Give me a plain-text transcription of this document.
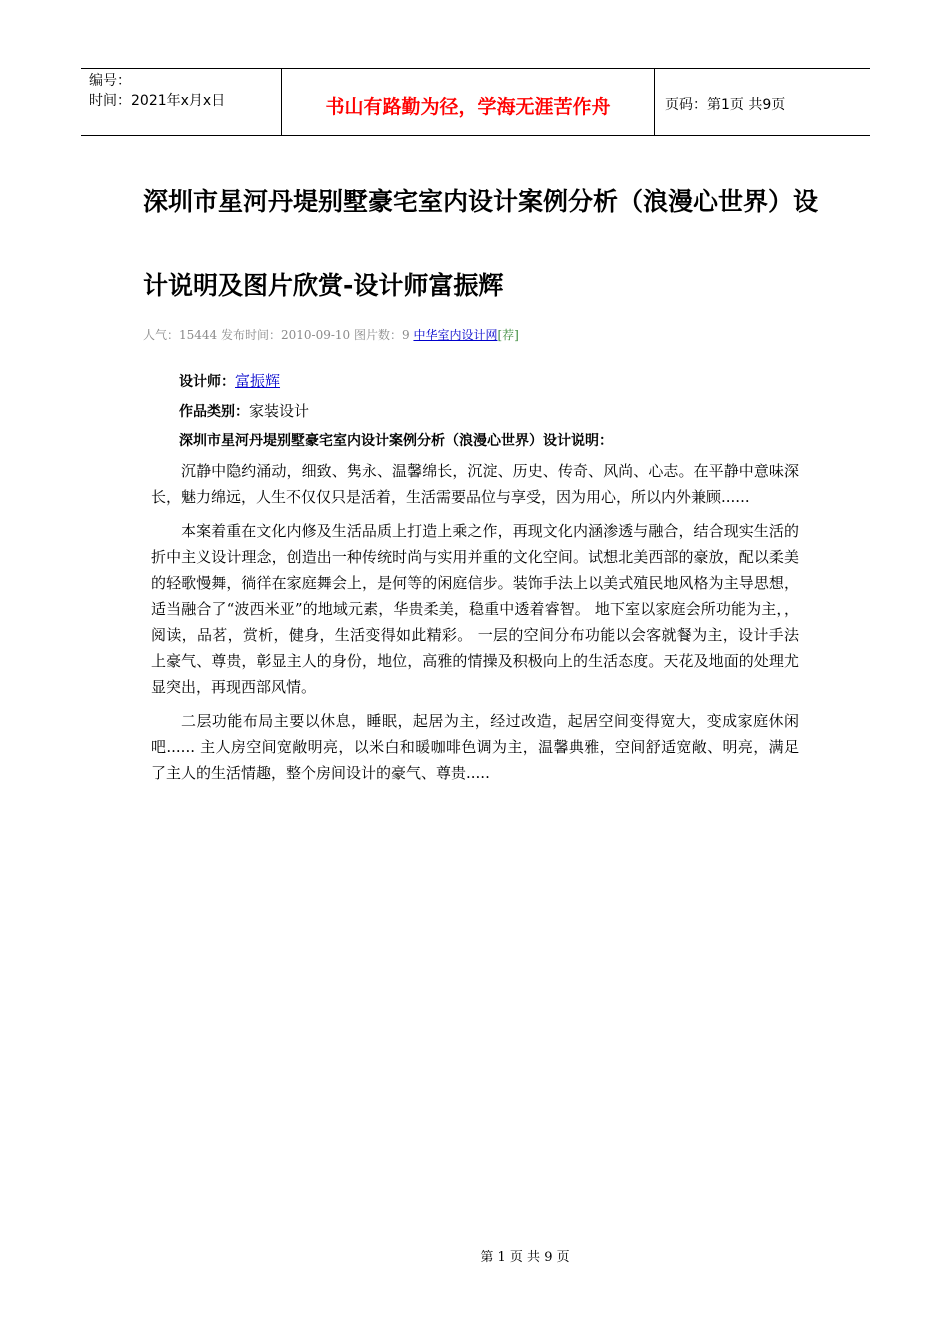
编号：
时间：2021年x月x日	书山有路勤为径，学海无涯苦作舟	页码：第1页 共9页
深圳市星河丹堤别墅豪宅室内设计案例分析（浪漫心世界）设计说明及图片欣赏-设计师富振辉
人气：15444 发布时间：2010-09-10 图片数：9 中华室内设计网[荐]
设计师：富振辉
作品类别：家装设计
深圳市星河丹堤别墅豪宅室内设计案例分析（浪漫心世界）设计说明：

沉静中隐约涌动，细致、隽永、温馨绵长，沉淀、历史、传奇、风尚、心志。在平静中意味深长，魅力绵远，人生不仅仅只是活着，生活需要品位与享受，因为用心，所以内外兼顾......

本案着重在文化内修及生活品质上打造上乘之作，再现文化内涵渗透与融合，结合现实生活的折中主义设计理念，创造出一种传统时尚与实用并重的文化空间。试想北美西部的豪放，配以柔美的轻歌慢舞，徜徉在家庭舞会上，是何等的闲庭信步。装饰手法上以美式殖民地风格为主导思想，适当融合了“波西米亚”的地域元素，华贵柔美，稳重中透着睿智。 地下室以家庭会所功能为主，，阅读，品茗，赏析，健身，生活变得如此精彩。 一层的空间分布功能以会客就餐为主，设计手法上豪气、尊贵，彰显主人的身份，地位，高雅的情操及积极向上的生活态度。天花及地面的处理尤显突出，再现西部风情。

二层功能布局主要以休息，睡眠，起居为主，经过改造，起居空间变得宽大，变成家庭休闲吧...... 主人房空间宽敞明亮，以米白和暖咖啡色调为主，温馨典雅，空间舒适宽敞、明亮，满足了主人的生活情趣，整个房间设计的豪气、尊贵.....

第 1 页 共 9 页
